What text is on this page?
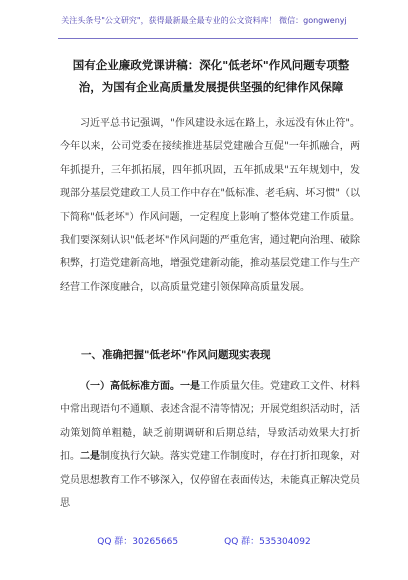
关注头条号"公文研究"，获得最新最全最专业的公文资料库！ 微信：gongwenyj
国有企业廉政党课讲稿：深化"低老坏"作风问题专项整
治，为国有企业高质量发展提供坚强的纪律作风保障
习近平总书记强调，"作风建设永远在路上，永远没有休止符"。今年以来，公司党委在接续推进基层党建融合互促"一年抓融合，两年抓提升，三年抓拓展，四年抓巩固，五年抓成果"五年规划中，发现部分基层党建政工人员工作中存在"低标准、老毛病、坏习惯"（以下简称"低老坏"）作风问题，一定程度上影响了整体党建工作质量。我们要深刻认识"低老坏"作风问题的严重危害，通过靶向治理、破除积弊，打造党建新高地，增强党建新动能，推动基层党建工作与生产经营工作深度融合，以高质量党建引领保障高质量发展。
一、准确把握"低老坏"作风问题现实表现
（一）高低标准方面。一是工作质量欠佳。党建政工文件、材料中常出现语句不通顺、表述含混不清等情况；开展党组织活动时，活动策划简单粗糙，缺乏前期调研和后期总结，导致活动效果大打折扣。二是制度执行欠缺。落实党建工作制度时，存在打折扣现象，对党员思想教育工作不够深入，仅停留在表面传达，未能真正解决党员思
QQ 群：30265665	QQ 群：535304092
